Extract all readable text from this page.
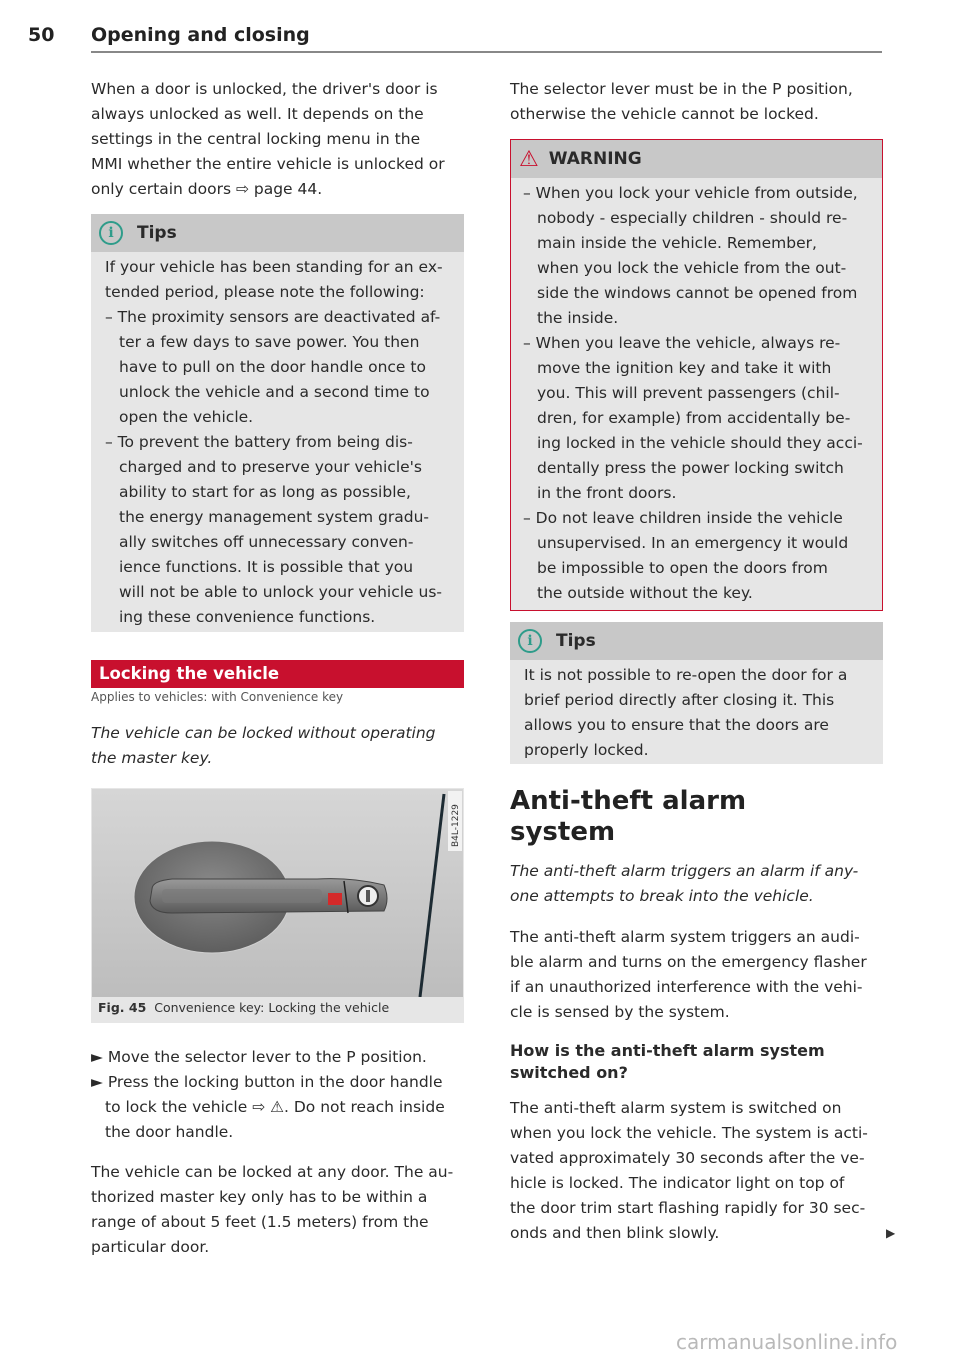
50 Opening and closing
When a door is unlocked, the driver's door is
always unlocked as well. It depends on the
settings in the central locking menu in the
MMI whether the entire vehicle is unlocked or
only certain doors ⇨ page 44.
i	Tips
If your vehicle has been standing for an ex-
tended period, please note the following:
– The proximity sensors are deactivated af-
ter a few days to save power. You then
have to pull on the door handle once to
unlock the vehicle and a second time to
open the vehicle.
– To prevent the battery from being dis-
charged and to preserve your vehicle's
ability to start for as long as possible,
the energy management system gradu-
ally switches off unnecessary conven-
ience functions. It is possible that you
will not be able to unlock your vehicle us-
ing these convenience functions.
Locking the vehicle
Applies to vehicles: with Convenience key
The vehicle can be locked without operating
the master key.
B4L-1229
Fig. 45 Convenience key: Locking the vehicle
► Move the selector lever to the P position.
► Press the locking button in the door handle
to lock the vehicle ⇨ ⚠. Do not reach inside
the door handle.
The vehicle can be locked at any door. The au-
thorized master key only has to be within a
range of about 5 feet (1.5 meters) from the
particular door.
The selector lever must be in the P position,
otherwise the vehicle cannot be locked.
⚠ WARNING
– When you lock your vehicle from outside,
nobody - especially children - should re-
main inside the vehicle. Remember,
when you lock the vehicle from the out-
side the windows cannot be opened from
the inside.
– When you leave the vehicle, always re-
move the ignition key and take it with
you. This will prevent passengers (chil-
dren, for example) from accidentally be-
ing locked in the vehicle should they acci-
dentally press the power locking switch
in the front doors.
– Do not leave children inside the vehicle
unsupervised. In an emergency it would
be impossible to open the doors from
the outside without the key.
i	Tips
It is not possible to re-open the door for a
brief period directly after closing it. This
allows you to ensure that the doors are
properly locked.
Anti-theft alarm
system
The anti-theft alarm triggers an alarm if any-
one attempts to break into the vehicle.
The anti-theft alarm system triggers an audi-
ble alarm and turns on the emergency flasher
if an unauthorized interference with the vehi-
cle is sensed by the system.
How is the anti-theft alarm system
switched on?
The anti-theft alarm system is switched on
when you lock the vehicle. The system is acti-
vated approximately 30 seconds after the ve-
hicle is locked. The indicator light on top of
the door trim start flashing rapidly for 30 sec-
onds and then blink slowly.	▶
carmanualsonline.info
